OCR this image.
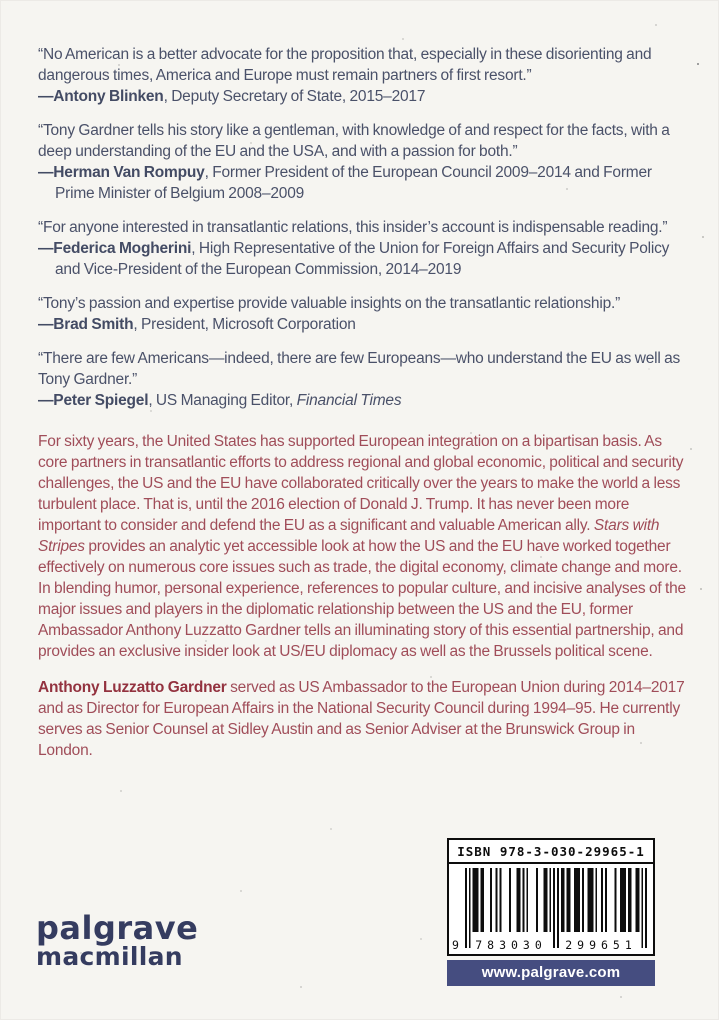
“No American is a better advocate for the proposition that, especially in these disorienting and dangerous times, America and Europe must remain partners of first resort.”

—Antony Blinken, Deputy Secretary of State, 2015–2017

“Tony Gardner tells his story like a gentleman, with knowledge of and respect for the facts, with a deep understanding of the EU and the USA, and with a passion for both.”

—Herman Van Rompuy, Former President of the European Council 2009–2014 and Former Prime Minister of Belgium 2008–2009

“For anyone interested in transatlantic relations, this insider’s account is indispensable reading.”

—Federica Mogherini, High Representative of the Union for Foreign Affairs and Security Policy and Vice-President of the European Commission, 2014–2019

“Tony’s passion and expertise provide valuable insights on the transatlantic relationship.”

—Brad Smith, President, Microsoft Corporation

“There are few Americans—indeed, there are few Europeans—who understand the EU as well as Tony Gardner.”

—Peter Spiegel, US Managing Editor, Financial Times

For sixty years, the United States has supported European integration on a bipartisan basis. As core partners in transatlantic efforts to address regional and global economic, political and security challenges, the US and the EU have collaborated critically over the years to make the world a less turbulent place. That is, until the 2016 election of Donald J. Trump. It has never been more important to consider and defend the EU as a significant and valuable American ally. Stars with Stripes provides an analytic yet accessible look at how the US and the EU have worked together effectively on numerous core issues such as trade, the digital economy, climate change and more. In blending humor, personal experience, references to popular culture, and incisive analyses of the major issues and players in the diplomatic relationship between the US and the EU, former Ambassador Anthony Luzzatto Gardner tells an illuminating story of this essential partnership, and provides an exclusive insider look at US/EU diplomacy as well as the Brussels political scene.

Anthony Luzzatto Gardner served as US Ambassador to the European Union during 2014–2017 and as Director for European Affairs in the National Security Council during 1994–95. He currently serves as Senior Counsel at Sidley Austin and as Senior Adviser at the Brunswick Group in London.

palgrave
macmillan
ISBN 978-3-030-29965-1
9	783030	299651
www.palgrave.com
